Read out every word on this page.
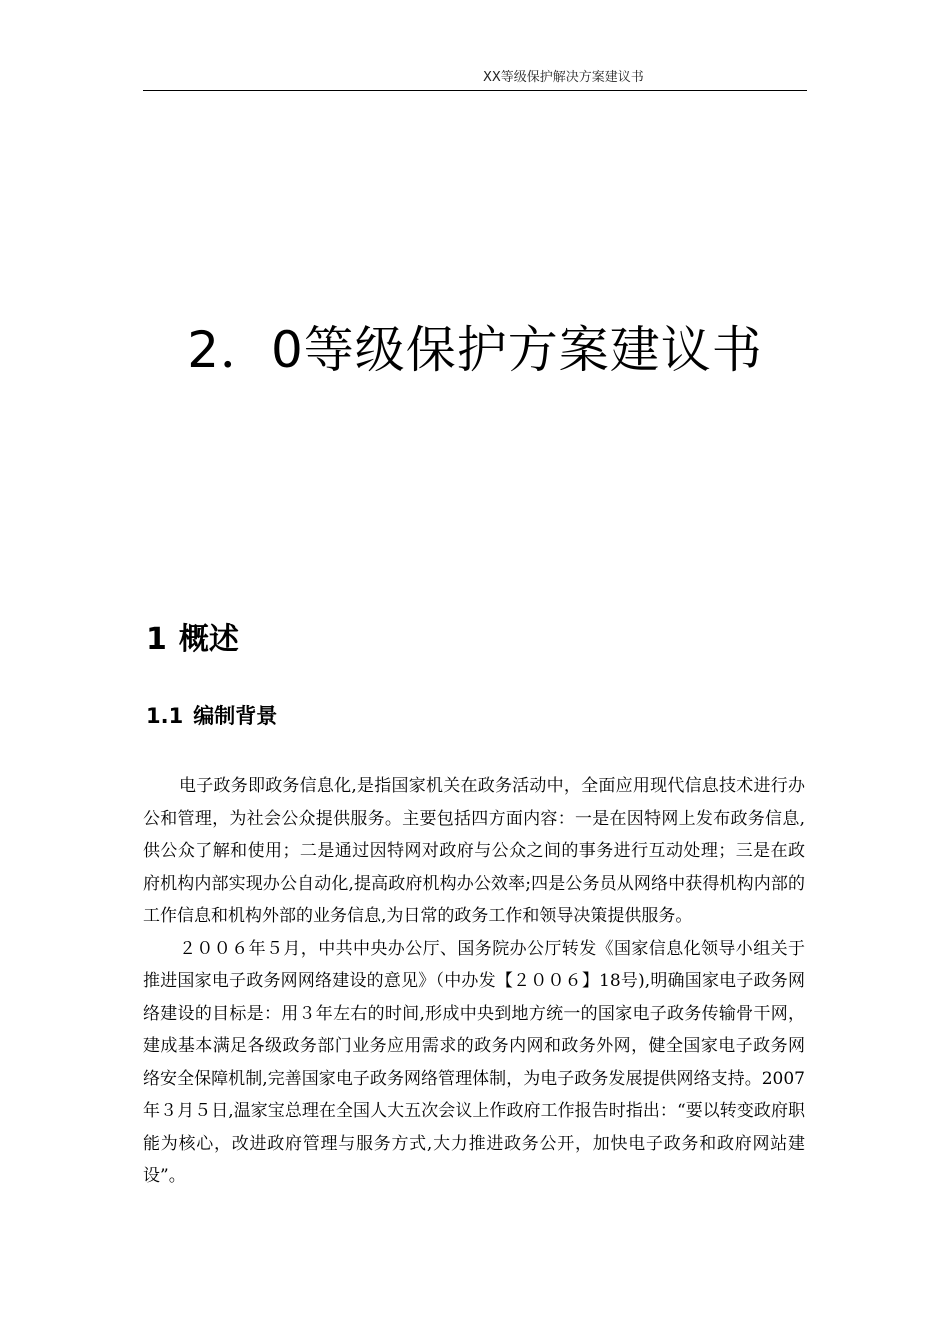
XX等级保护解决方案建议书
2．0等级保护方案建议书
1 概述
1.1 编制背景

电子政务即政务信息化,是指国家机关在政务活动中，全面应用现代信息技术进行办公和管理，为社会公众提供服务。主要包括四方面内容：一是在因特网上发布政务信息,供公众了解和使用；二是通过因特网对政府与公众之间的事务进行互动处理；三是在政府机构内部实现办公自动化,提高政府机构办公效率;四是公务员从网络中获得机构内部的工作信息和机构外部的业务信息,为日常的政务工作和领导决策提供服务。

２００６年５月，中共中央办公厅、国务院办公厅转发《国家信息化领导小组关于推进国家电子政务网网络建设的意见》（中办发【２００６】18号),明确国家电子政务网络建设的目标是：用３年左右的时间,形成中央到地方统一的国家电子政务传输骨干网，建成基本满足各级政务部门业务应用需求的政务内网和政务外网，健全国家电子政务网络安全保障机制,完善国家电子政务网络管理体制，为电子政务发展提供网络支持。2007年３月５日,温家宝总理在全国人大五次会议上作政府工作报告时指出：“要以转变政府职能为核心，改进政府管理与服务方式,大力推进政务公开，加快电子政务和政府网站建设”。
